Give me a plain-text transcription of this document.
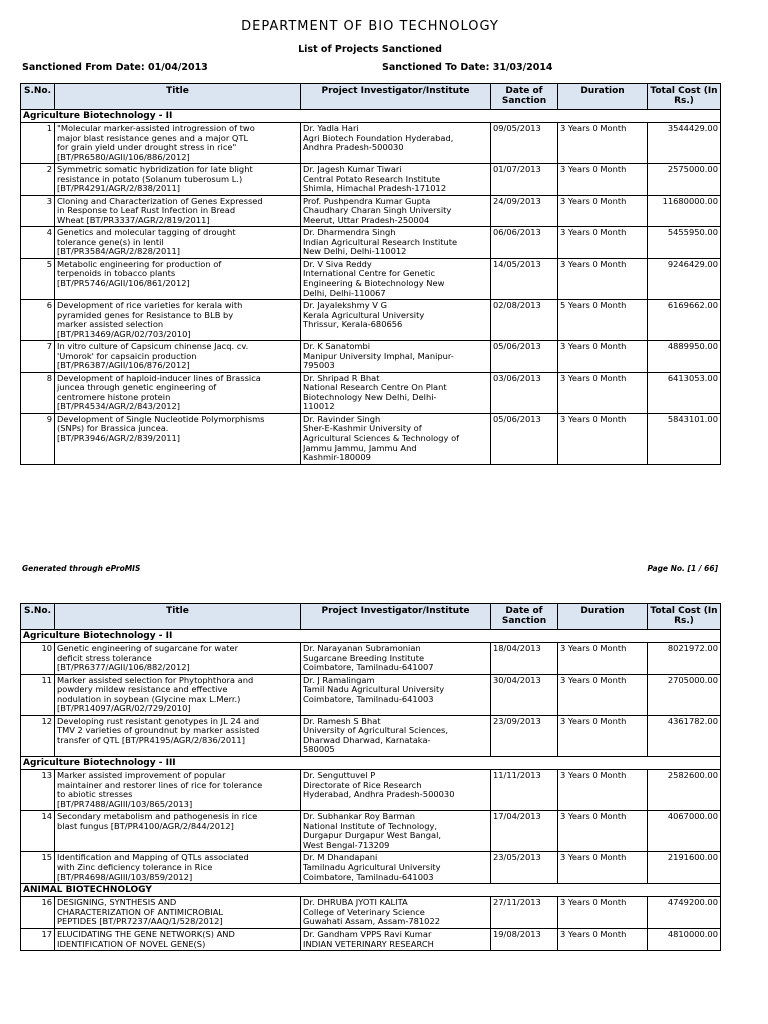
DEPARTMENT OF BIO TECHNOLOGY
List of Projects Sanctioned
Sanctioned From Date: 01/04/2013	Sanctioned To Date: 31/03/2014
S.No.	Title	Project Investigator/Institute	Date of Sanction	Duration	Total Cost (In Rs.)
Agriculture Biotechnology - II					
1	"Molecular marker-assisted introgression of two
major blast resistance genes and a major QTL
for grain yield under drought stress in rice"
[BT/PR6580/AGII/106/886/2012]	Dr. Yadla Hari
Agri Biotech Foundation Hyderabad,
Andhra Pradesh-500030	09/05/2013	3 Years 0 Month	3544429.00
2	Symmetric somatic hybridization for late blight
resistance in potato (Solanum tuberosum L.)
[BT/PR4291/AGR/2/838/2011]	Dr. Jagesh Kumar Tiwari
Central Potato Research Institute
Shimla, Himachal Pradesh-171012	01/07/2013	3 Years 0 Month	2575000.00
3	Cloning and Characterization of Genes Expressed
in Response to Leaf Rust Infection in Bread
Wheat [BT/PR3337/AGR/2/819/2011]	Prof. Pushpendra Kumar Gupta
Chaudhary Charan Singh University
Meerut, Uttar Pradesh-250004	24/09/2013	3 Years 0 Month	11680000.00
4	Genetics and molecular tagging of drought
tolerance gene(s) in lentil
[BT/PR3584/AGR/2/828/2011]	Dr. Dharmendra Singh
Indian Agricultural Research Institute
New Delhi, Delhi-110012	06/06/2013	3 Years 0 Month	5455950.00
5	Metabolic engineering for production of
terpenoids in tobacco plants
[BT/PR5746/AGII/106/861/2012]	Dr. V Siva Reddy
International Centre for Genetic
Engineering & Biotechnology New
Delhi, Delhi-110067	14/05/2013	3 Years 0 Month	9246429.00
6	Development of rice varieties for kerala with
pyramided genes for Resistance to BLB by
marker assisted selection
[BT/PR13469/AGR/02/703/2010]	Dr. Jayalekshmy V G
Kerala Agricultural University
Thrissur, Kerala-680656	02/08/2013	5 Years 0 Month	6169662.00
7	In vitro culture of Capsicum chinense Jacq. cv.
'Umorok' for capsaicin production
[BT/PR6387/AGII/106/876/2012]	Dr. K Sanatombi
Manipur University Imphal, Manipur-
795003	05/06/2013	3 Years 0 Month	4889950.00
8	Development of haploid-inducer lines of Brassica
juncea through genetic engineering of
centromere histone protein
[BT/PR4534/AGR/2/843/2012]	Dr. Shripad R Bhat
National Research Centre On Plant
Biotechnology New Delhi, Delhi-
110012	03/06/2013	3 Years 0 Month	6413053.00
9	Development of Single Nucleotide Polymorphisms
(SNPs) for Brassica juncea.
[BT/PR3946/AGR/2/839/2011]	Dr. Ravinder Singh
Sher-E-Kashmir University of
Agricultural Sciences & Technology of
Jammu Jammu, Jammu And
Kashmir-180009	05/06/2013	3 Years 0 Month	5843101.00
Generated through eProMIS	Page No. [1 / 66]
S.No.	Title	Project Investigator/Institute	Date of Sanction	Duration	Total Cost (In Rs.)
Agriculture Biotechnology - II					
10	Genetic engineering of sugarcane for water
deficit stress tolerance
[BT/PR6377/AGII/106/882/2012]	Dr. Narayanan Subramonian
Sugarcane Breeding Institute
Coimbatore, Tamilnadu-641007	18/04/2013	3 Years 0 Month	8021972.00
11	Marker assisted selection for Phytophthora and
powdery mildew resistance and effective
nodulation in soybean (Glycine max L.Merr.)
[BT/PR14097/AGR/02/729/2010]	Dr. J Ramalingam
Tamil Nadu Agricultural University
Coimbatore, Tamilnadu-641003	30/04/2013	3 Years 0 Month	2705000.00
12	Developing rust resistant genotypes in JL 24 and
TMV 2 varieties of groundnut by marker assisted
transfer of QTL [BT/PR4195/AGR/2/836/2011]	Dr. Ramesh S Bhat
University of Agricultural Sciences,
Dharwad Dharwad, Karnataka-
580005	23/09/2013	3 Years 0 Month	4361782.00
Agriculture Biotechnology - III					
13	Marker assisted improvement of popular
maintainer and restorer lines of rice for tolerance
to abiotic stresses
[BT/PR7488/AGIII/103/865/2013]	Dr. Senguttuvel P
Directorate of Rice Research
Hyderabad, Andhra Pradesh-500030	11/11/2013	3 Years 0 Month	2582600.00
14	Secondary metabolism and pathogenesis in rice
blast fungus [BT/PR4100/AGR/2/844/2012]	Dr. Subhankar Roy Barman
National Institute of Technology,
Durgapur Durgapur West Bangal,
West Bengal-713209	17/04/2013	3 Years 0 Month	4067000.00
15	Identification and Mapping of QTLs associated
with Zinc deficiency tolerance in Rice
[BT/PR4698/AGIII/103/859/2012]	Dr. M Dhandapani
Tamilnadu Agricultural University
Coimbatore, Tamilnadu-641003	23/05/2013	3 Years 0 Month	2191600.00
ANIMAL BIOTECHNOLOGY					
16	DESIGNING, SYNTHESIS AND
CHARACTERIZATION OF ANTIMICROBIAL
PEPTIDES [BT/PR7237/AAQ/1/528/2012]	Dr. DHRUBA JYOTI KALITA
College of Veterinary Science
Guwahati Assam, Assam-781022	27/11/2013	3 Years 0 Month	4749200.00
17	ELUCIDATING THE GENE NETWORK(S) AND
IDENTIFICATION OF NOVEL GENE(S)	Dr. Gandham VPPS Ravi Kumar
INDIAN VETERINARY RESEARCH	19/08/2013	3 Years 0 Month	4810000.00
